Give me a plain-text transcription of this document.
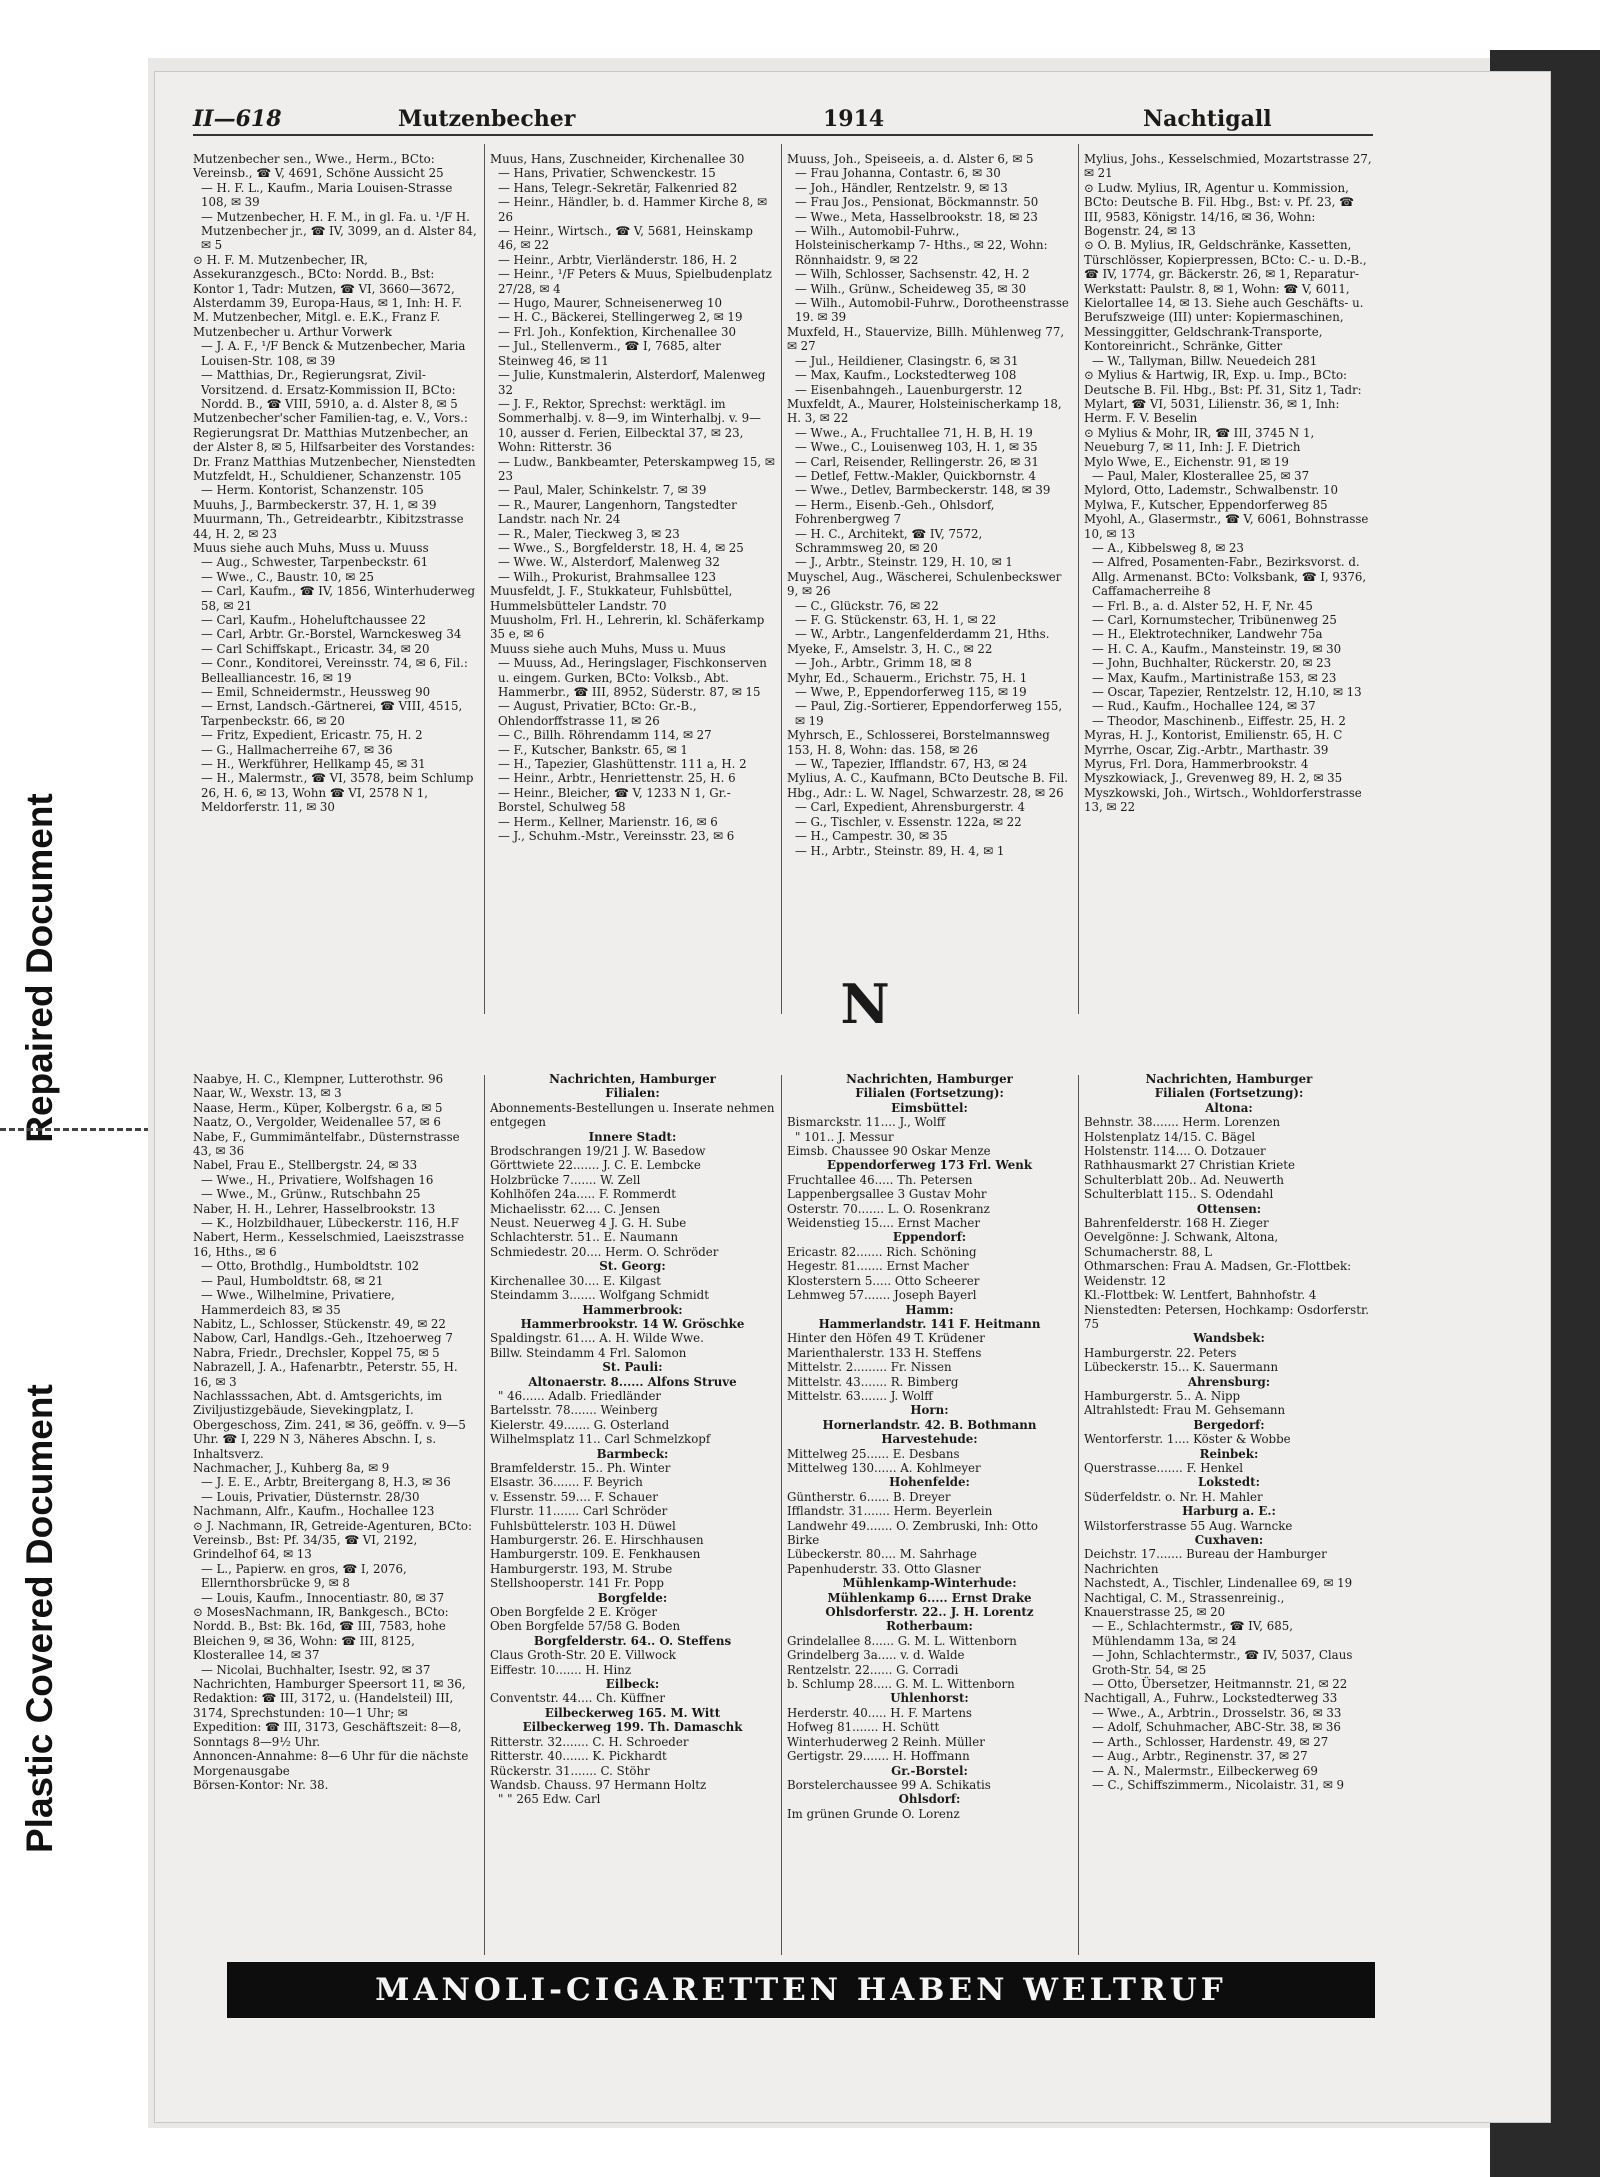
Repaired Document
Plastic Covered Document
II—618	Mutzenbecher	1914	Nachtigall

Mutzenbecher sen., Wwe., Herm., BCto: Vereinsb., ☎ V, 4691, Schöne Aussicht 25

— H. F. L., Kaufm., Maria Louisen-Strasse 108, ✉ 39

— Mutzenbecher, H. F. M., in gl. Fa. u. ¹/F H. Mutzenbecher jr., ☎ IV, 3099, an d. Alster 84, ✉ 5

⊙ H. F. M. Mutzenbecher, IR, Assekuranzgesch., BCto: Nordd. B., Bst: Kontor 1, Tadr: Mutzen, ☎ VI, 3660—3672, Alsterdamm 39, Europa-Haus, ✉ 1, Inh: H. F. M. Mutzenbecher, Mitgl. e. E.K., Franz F. Mutzenbecher u. Arthur Vorwerk

— J. A. F., ¹/F Benck & Mutzenbecher, Maria Louisen-Str. 108, ✉ 39

— Matthias, Dr., Regierungsrat, Zivil-Vorsitzend. d. Ersatz-Kommission II, BCto: Nordd. B., ☎ VIII, 5910, a. d. Alster 8, ✉ 5

Mutzenbecher'scher Familien-tag, e. V., Vors.: Regierungsrat Dr. Matthias Mutzenbecher, an der Alster 8, ✉ 5, Hilfsarbeiter des Vorstandes: Dr. Franz Matthias Mutzenbecher, Nienstedten

Mutzfeldt, H., Schuldiener, Schanzenstr. 105

— Herm. Kontorist, Schanzenstr. 105

Muuhs, J., Barmbeckerstr. 37, H. 1, ✉ 39

Muurmann, Th., Getreidearbtr., Kibitzstrasse 44, H. 2, ✉ 23

Muus siehe auch Muhs, Muss u. Muuss

— Aug., Schwester, Tarpenbeckstr. 61

— Wwe., C., Baustr. 10, ✉ 25

— Carl, Kaufm., ☎ IV, 1856, Winterhuderweg 58, ✉ 21

— Carl, Kaufm., Hoheluftchaussee 22

— Carl, Arbtr. Gr.-Borstel, Warnckesweg 34

— Carl Schiffskapt., Ericastr. 34, ✉ 20

— Conr., Konditorei, Vereinsstr. 74, ✉ 6, Fil.: Bellealliancestr. 16, ✉ 19

— Emil, Schneidermstr., Heussweg 90

— Ernst, Landsch.-Gärtnerei, ☎ VIII, 4515, Tarpenbeckstr. 66, ✉ 20

— Fritz, Expedient, Ericastr. 75, H. 2

— G., Hallmacherreihe 67, ✉ 36

— H., Werkführer, Hellkamp 45, ✉ 31

— H., Malermstr., ☎ VI, 3578, beim Schlump 26, H. 6, ✉ 13, Wohn ☎ VI, 2578 N 1, Meldorferstr. 11, ✉ 30

Muus, Hans, Zuschneider, Kirchenallee 30

— Hans, Privatier, Schwenckestr. 15

— Hans, Telegr.-Sekretär, Falkenried 82

— Heinr., Händler, b. d. Hammer Kirche 8, ✉ 26

— Heinr., Wirtsch., ☎ V, 5681, Heinskamp 46, ✉ 22

— Heinr., Arbtr, Vierländerstr. 186, H. 2

— Heinr., ¹/F Peters & Muus, Spielbudenplatz 27/28, ✉ 4

— Hugo, Maurer, Schneisenerweg 10

— H. C., Bäckerei, Stellingerweg 2, ✉ 19

— Frl. Joh., Konfektion, Kirchenallee 30

— Jul., Stellenverm., ☎ I, 7685, alter Steinweg 46, ✉ 11

— Julie, Kunstmalerin, Alsterdorf, Malenweg 32

— J. F., Rektor, Sprechst: werktägl. im Sommerhalbj. v. 8—9, im Winterhalbj. v. 9—10, ausser d. Ferien, Eilbecktal 37, ✉ 23, Wohn: Ritterstr. 36

— Ludw., Bankbeamter, Peterskampweg 15, ✉ 23

— Paul, Maler, Schinkelstr. 7, ✉ 39

— R., Maurer, Langenhorn, Tangstedter Landstr. nach Nr. 24

— R., Maler, Tieckweg 3, ✉ 23

— Wwe., S., Borgfelderstr. 18, H. 4, ✉ 25

— Wwe. W., Alsterdorf, Malenweg 32

— Wilh., Prokurist, Brahmsallee 123

Muusfeldt, J. F., Stukkateur, Fuhlsbüttel, Hummelsbütteler Landstr. 70

Muusholm, Frl. H., Lehrerin, kl. Schäferkamp 35 e, ✉ 6

Muuss siehe auch Muhs, Muss u. Muus

— Muuss, Ad., Heringslager, Fischkonserven u. eingem. Gurken, BCto: Volksb., Abt. Hammerbr., ☎ III, 8952, Süderstr. 87, ✉ 15

— August, Privatier, BCto: Gr.-B., Ohlendorffstrasse 11, ✉ 26

— C., Billh. Röhrendamm 114, ✉ 27

— F., Kutscher, Bankstr. 65, ✉ 1

— H., Tapezier, Glashüttenstr. 111 a, H. 2

— Heinr., Arbtr., Henriettenstr. 25, H. 6

— Heinr., Bleicher, ☎ V, 1233 N 1, Gr.-Borstel, Schulweg 58

— Herm., Kellner, Marienstr. 16, ✉ 6

— J., Schuhm.-Mstr., Vereinsstr. 23, ✉ 6

Muuss, Joh., Speiseeis, a. d. Alster 6, ✉ 5

— Frau Johanna, Contastr. 6, ✉ 30

— Joh., Händler, Rentzelstr. 9, ✉ 13

— Frau Jos., Pensionat, Böckmannstr. 50

— Wwe., Meta, Hasselbrookstr. 18, ✉ 23

— Wilh., Automobil-Fuhrw., Holsteinischerkamp 7- Hths., ✉ 22, Wohn: Rönnhaidstr. 9, ✉ 22

— Wilh, Schlosser, Sachsenstr. 42, H. 2

— Wilh., Grünw., Scheideweg 35, ✉ 30

— Wilh., Automobil-Fuhrw., Dorotheenstrasse 19. ✉ 39

Muxfeld, H., Stauervize, Billh. Mühlenweg 77, ✉ 27

— Jul., Heildiener, Clasingstr. 6, ✉ 31

— Max, Kaufm., Lockstedterweg 108

— Eisenbahngeh., Lauenburgerstr. 12

Muxfeldt, A., Maurer, Holsteinischerkamp 18, H. 3, ✉ 22

— Wwe., A., Fruchtallee 71, H. B, H. 19

— Wwe., C., Louisenweg 103, H. 1, ✉ 35

— Carl, Reisender, Rellingerstr. 26, ✉ 31

— Detlef, Fettw.-Makler, Quickbornstr. 4

— Wwe., Detlev, Barmbeckerstr. 148, ✉ 39

— Herm., Eisenb.-Geh., Ohlsdorf, Fohrenbergweg 7

— H. C., Architekt, ☎ IV, 7572, Schrammsweg 20, ✉ 20

— J., Arbtr., Steinstr. 129, H. 10, ✉ 1

Muyschel, Aug., Wäscherei, Schulenbeckswег 9, ✉ 26

— C., Glückstr. 76, ✉ 22

— F. G. Stückenstr. 63, H. 1, ✉ 22

— W., Arbtr., Langenfelderdamm 21, Hths.

Myeke, F., Amselstr. 3, H. C., ✉ 22

— Joh., Arbtr., Grimm 18, ✉ 8

Myhr, Ed., Schauerm., Erichstr. 75, H. 1

— Wwe, P., Eppendorferweg 115, ✉ 19

— Paul, Zig.-Sortierer, Eppendorferweg 155, ✉ 19

Myhrsch, E., Schlosserei, Borstelmannsweg 153, H. 8, Wohn: das. 158, ✉ 26

— W., Tapezier, Ifflandstr. 67, H3, ✉ 24

Mylius, A. C., Kaufmann, BCto Deutsche B. Fil. Hbg., Adr.: L. W. Nagel, Schwarzestr. 28, ✉ 26

— Carl, Expedient, Ahrensburgerstr. 4

— G., Tischler, v. Essenstr. 122a, ✉ 22

— H., Campestr. 30, ✉ 35

— H., Arbtr., Steinstr. 89, H. 4, ✉ 1

Mylius, Johs., Kesselschmied, Mozartstrasse 27, ✉ 21

⊙ Ludw. Mylius, IR, Agentur u. Kommission, BCto: Deutsche B. Fil. Hbg., Bst: v. Pf. 23, ☎ III, 9583, Königstr. 14/16, ✉ 36, Wohn: Bogenstr. 24, ✉ 13

⊙ O. B. Mylius, IR, Geldschränke, Kassetten, Türschlösser, Kopierpressen, BCto: C.- u. D.-B., ☎ IV, 1774, gr. Bäckerstr. 26, ✉ 1, Reparatur-Werkstatt: Paulstr. 8, ✉ 1, Wohn: ☎ V, 6011, Kielortallee 14, ✉ 13. Siehe auch Geschäfts- u. Berufszweige (III) unter: Kopiermaschinen, Messinggitter, Geldschrank-Transporte, Kontoreinricht., Schränke, Gitter

— W., Tallyman, Billw. Neuedeich 281

⊙ Mylius & Hartwig, IR, Exp. u. Imp., BCto: Deutsche B. Fil. Hbg., Bst: Pf. 31, Sitz 1, Tadr: Mylart, ☎ VI, 5031, Lilienstr. 36, ✉ 1, Inh: Herm. F. V. Beselin

⊙ Mylius & Mohr, IR, ☎ III, 3745 N 1, Neueburg 7, ✉ 11, Inh: J. F. Dietrich

Mylo Wwe, E., Eichenstr. 91, ✉ 19

— Paul, Maler, Klosterallee 25, ✉ 37

Mylord, Otto, Lademstr., Schwalbenstr. 10

Mylwa, F., Kutscher, Eppendorferweg 85

Myohl, A., Glasermstr., ☎ V, 6061, Bohnstrasse 10, ✉ 13

— A., Kibbelsweg 8, ✉ 23

— Alfred, Posamenten-Fabr., Bezirksvorst. d. Allg. Armenanst. BCto: Volksbank, ☎ I, 9376, Caffamacherreihe 8

— Frl. B., a. d. Alster 52, H. F, Nr. 45

— Carl, Kornumstecher, Tribünenweg 25

— H., Elektrotechniker, Landwehr 75a

— H. C. A., Kaufm., Mansteinstr. 19, ✉ 30

— John, Buchhalter, Rückerstr. 20, ✉ 23

— Max, Kaufm., Martinistraße 153, ✉ 23

— Oscar, Tapezier, Rentzelstr. 12, H.10, ✉ 13

— Rud., Kaufm., Hochallee 124, ✉ 37

— Theodor, Maschinenb., Eiffestr. 25, H. 2

Myras, H. J., Kontorist, Emilienstr. 65, H. C

Myrrhe, Oscar, Zig.-Arbtr., Marthastr. 39

Myrus, Frl. Dora, Hammerbrookstr. 4

Myszkowiack, J., Grevenweg 89, H. 2, ✉ 35

Myszkowski, Joh., Wirtsch., Wohldorferstrasse 13, ✉ 22

N

Naabye, H. C., Klempner, Lutterothstr. 96

Naar, W., Wexstr. 13, ✉ 3

Naase, Herm., Küper, Kolbergstr. 6 a, ✉ 5

Naatz, O., Vergolder, Weidenallee 57, ✉ 6

Nabe, F., Gummimäntelfabr., Düsternstrasse 43, ✉ 36

Nabel, Frau E., Stellbergstr. 24, ✉ 33

— Wwe., H., Privatiere, Wolfshagen 16

— Wwe., M., Grünw., Rutschbahn 25

Naber, H. H., Lehrer, Hasselbrookstr. 13

— K., Holzbildhauer, Lübeckerstr. 116, H.F

Nabert, Herm., Kesselschmied, Laeiszstrasse 16, Hths., ✉ 6

— Otto, Brothdlg., Humboldtstr. 102

— Paul, Humboldtstr. 68, ✉ 21

— Wwe., Wilhelmine, Privatiere, Hammerdeich 83, ✉ 35

Nabitz, L., Schlosser, Stückenstr. 49, ✉ 22

Nabow, Carl, Handlgs.-Geh., Itzehoerweg 7

Nabra, Friedr., Drechsler, Koppel 75, ✉ 5

Nabrazell, J. A., Hafenarbtr., Peterstr. 55, H. 16, ✉ 3

Nachlasssachen, Abt. d. Amtsgerichts, im Ziviljustizgebäude, Sievekingplatz, I. Obergeschoss, Zim. 241, ✉ 36, geöffn. v. 9—5 Uhr. ☎ I, 229 N 3, Näheres Abschn. I, s. Inhaltsverz.

Nachmacher, J., Kuhberg 8a, ✉ 9

— J. E. E., Arbtr, Breitergang 8, H.3, ✉ 36

— Louis, Privatier, Düsternstr. 28/30

Nachmann, Alfr., Kaufm., Hochallee 123

⊙ J. Nachmann, IR, Getreide-Agenturen, BCto: Vereinsb., Bst: Pf. 34/35, ☎ VI, 2192, Grindelhof 64, ✉ 13

— L., Papierw. en gros, ☎ I, 2076, Ellernthorsbrücke 9, ✉ 8

— Louis, Kaufm., Innocentiastr. 80, ✉ 37

⊙ MosesNachmann, IR, Bankgesch., BCto: Nordd. B., Bst: Bk. 16d, ☎ III, 7583, hohe Bleichen 9, ✉ 36, Wohn: ☎ III, 8125, Klosterallee 14, ✉ 37

— Nicolai, Buchhalter, Isestr. 92, ✉ 37

Nachrichten, Hamburger Speersort 11, ✉ 36, Redaktion: ☎ III, 3172, u. (Handelsteil) III, 3174, Sprechstunden: 10—1 Uhr; ✉ Expedition: ☎ III, 3173, Geschäftszeit: 8—8, Sonntags 8—9½ Uhr.

Annoncen-Annahme: 8—6 Uhr für die nächste Morgenausgabe

Börsen-Kontor: Nr. 38.

Nachrichten, Hamburger

Filialen:

Abonnements-Bestellungen u. Inserate nehmen entgegen

Innere Stadt:

Brodschrangen 19/21 J. W. Basedow

Görttwiete 22....... J. C. E. Lembcke

Holzbrücke 7....... W. Zell

Kohlhöfen 24a..... F. Rommerdt

Michaelisstr. 62.... C. Jensen

Neust. Neuerweg 4 J. G. H. Sube

Schlachterstr. 51.. E. Naumann

Schmiedestr. 20.... Herm. O. Schröder

St. Georg:

Kirchenallee 30.... E. Kilgast

Steindamm 3....... Wolfgang Schmidt

Hammerbrook:

Hammerbrookstr. 14 W. Gröschke

Spaldingstr. 61.... A. H. Wilde Wwe.

Billw. Steindamm 4 Frl. Salomon

St. Pauli:

Altonaerstr. 8...... Alfons Struve

" 46...... Adalb. Friedländer

Bartelsstr. 78....... Weinberg

Kielerstr. 49....... G. Osterland

Wilhelmsplatz 11.. Carl Schmelzkopf

Barmbeck:

Bramfelderstr. 15.. Ph. Winter

Elsastr. 36....... F. Beyrich

v. Essenstr. 59.... F. Schauer

Flurstr. 11....... Carl Schröder

Fuhlsbüttelerstr. 103 H. Düwel

Hamburgerstr. 26. E. Hirschhausen

Hamburgerstr. 109. E. Fenkhausen

Hamburgerstr. 193, M. Strube

Stellshooperstr. 141 Fr. Popp

Borgfelde:

Oben Borgfelde 2 E. Kröger

Oben Borgfelde 57/58 G. Boden

Borgfelderstr. 64.. O. Steffens

Claus Groth-Str. 20 E. Villwock

Eiffestr. 10....... H. Hinz

Eilbeck:

Conventstr. 44.... Ch. Küffner

Eilbeckerweg 165. M. Witt

Eilbeckerweg 199. Th. Damaschk

Ritterstr. 32....... C. H. Schroeder

Ritterstr. 40....... K. Pickhardt

Rückerstr. 31....... C. Stöhr

Wandsb. Chauss. 97 Hermann Holtz

" " 265 Edw. Carl

Nachrichten, Hamburger

Filialen (Fortsetzung):

Eimsbüttel:

Bismarckstr. 11.... J., Wolff

" 101.. J. Messur

Eimsb. Chaussee 90 Oskar Menze

Eppendorferweg 173 Frl. Wenk

Fruchtallee 46..... Th. Petersen

Lappenbergsallee 3 Gustav Mohr

Osterstr. 70....... L. O. Rosenkranz

Weidenstieg 15.... Ernst Macher

Eppendorf:

Ericastr. 82....... Rich. Schöning

Hegestr. 81....... Ernst Macher

Klosterstern 5..... Otto Scheerer

Lehmweg 57....... Joseph Bayerl

Hamm:

Hammerlandstr. 141 F. Heitmann

Hinter den Höfen 49 T. Krüdener

Marienthalerstr. 133 H. Steffens

Mittelstr. 2......... Fr. Nissen

Mittelstr. 43....... R. Bimberg

Mittelstr. 63....... J. Wolff

Horn:

Hornerlandstr. 42. B. Bothmann

Harvestehude:

Mittelweg 25...... E. Desbans

Mittelweg 130...... A. Kohlmeyer

Hohenfelde:

Güntherstr. 6...... B. Dreyer

Ifflandstr. 31....... Herm. Beyerlein

Landwehr 49....... O. Zembruski, Inh: Otto Birke

Lübeckerstr. 80.... M. Sahrhage

Papenhuderstr. 33. Otto Glasner

Mühlenkamp-Winterhude:

Mühlenkamp 6..... Ernst Drake

Ohlsdorferstr. 22.. J. H. Lorentz

Rotherbaum:

Grindelallee 8...... G. M. L. Wittenborn

Grindelberg 3a..... v. d. Walde

Rentzelstr. 22...... G. Corradi

b. Schlump 28..... G. M. L. Wittenborn

Uhlenhorst:

Herderstr. 40..... H. F. Martens

Hofweg 81....... H. Schütt

Winterhuderweg 2 Reinh. Müller

Gertigstr. 29....... H. Hoffmann

Gr.-Borstel:

Borstelerchaussee 99 A. Schikatis

Ohlsdorf:

Im grünen Grunde O. Lorenz

Nachrichten, Hamburger

Filialen (Fortsetzung):

Altona:

Behnstr. 38....... Herm. Lorenzen

Holstenplatz 14/15. C. Bägel

Holstenstr. 114.... O. Dotzauer

Rathhausmarkt 27 Christian Kriete

Schulterblatt 20b.. Ad. Neuwerth

Schulterblatt 115.. S. Odendahl

Ottensen:

Bahrenfelderstr. 168 H. Zieger

Oevelgönne: J. Schwank, Altona, Schumacherstr. 88, L

Othmarschen: Frau A. Madsen, Gr.-Flottbek: Weidenstr. 12

Kl.-Flottbek: W. Lentfert, Bahnhofstr. 4

Nienstedten: Petersen, Hochkamp: Osdorferstr. 75

Wandsbek:

Hamburgerstr. 22. Peters

Lübeckerstr. 15... K. Sauermann

Ahrensburg:

Hamburgerstr. 5.. A. Nipp

Altrahlstedt: Frau M. Gehsemann

Bergedorf:

Wentorferstr. 1.... Köster & Wobbe

Reinbek:

Querstrasse....... F. Henkel

Lokstedt:

Süderfeldstr. o. Nr. H. Mahler

Harburg a. E.:

Wilstorferstrasse 55 Aug. Warncke

Cuxhaven:

Deichstr. 17....... Bureau der Hamburger Nachrichten

Nachstedt, A., Tischler, Lindenallee 69, ✉ 19

Nachtigal, C. M., Strassenreinig., Knauerstrasse 25, ✉ 20

— E., Schlachtermstr., ☎ IV, 685, Mühlendamm 13a, ✉ 24

— John, Schlachtermstr., ☎ IV, 5037, Claus Groth-Str. 54, ✉ 25

— Otto, Übersetzer, Heitmannstr. 21, ✉ 22

Nachtigall, A., Fuhrw., Lockstedterweg 33

— Wwe., A., Arbtrin., Drosselstr. 36, ✉ 33

— Adolf, Schuhmacher, ABC-Str. 38, ✉ 36

— Arth., Schlosser, Hardenstr. 49, ✉ 27

— Aug., Arbtr., Reginenstr. 37, ✉ 27

— A. N., Malermstr., Eilbeckerweg 69

— C., Schiffszimmerm., Nicolaistr. 31, ✉ 9

MANOLI-CIGARETTEN HABEN WELTRUF
